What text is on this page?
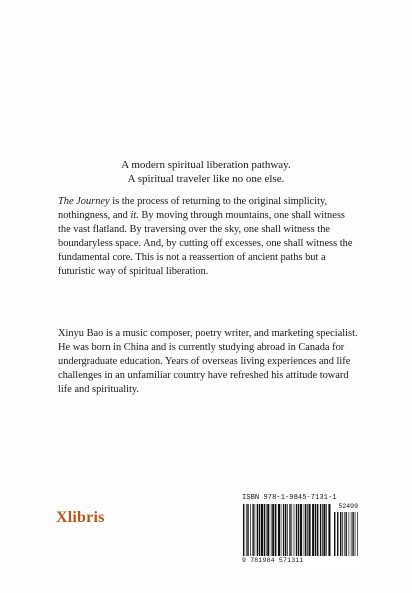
A modern spiritual liberation pathway.
A spiritual traveler like no one else.
The Journey is the process of returning to the original simplicity, nothingness, and it. By moving through mountains, one shall witness the vast flatland. By traversing over the sky, one shall witness the boundaryless space. And, by cutting off excesses, one shall witness the fundamental core. This is not a reassertion of ancient paths but a futuristic way of spiritual liberation.
Xinyu Bao is a music composer, poetry writer, and marketing specialist. He was born in China and is currently studying abroad in Canada for undergraduate education. Years of overseas living experiences and life challenges in an unfamiliar country have refreshed his attitude toward life and spirituality.
Xlibris
ISBN 978-1-9845-7131-1
52499
9 781984 571311
